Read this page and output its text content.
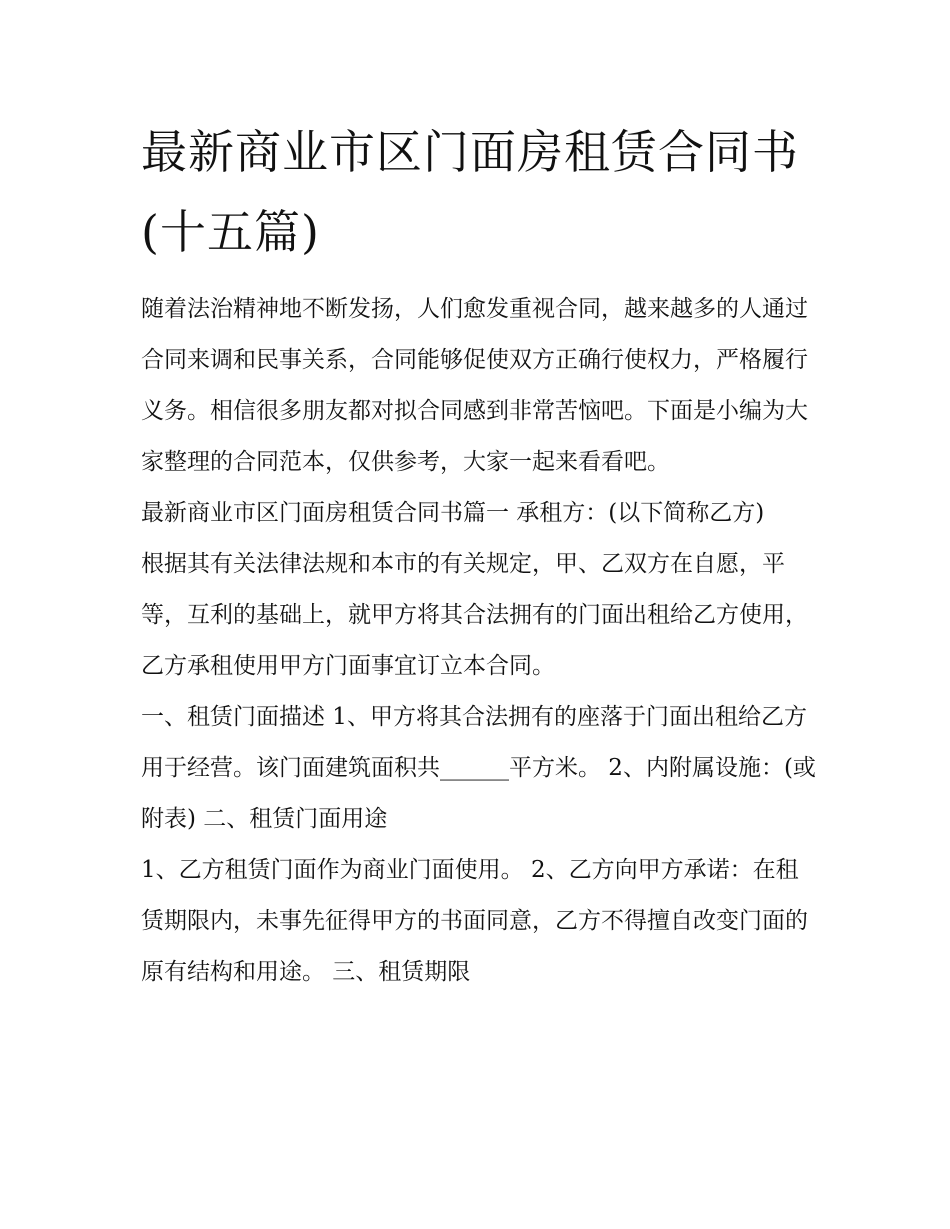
最新商业市区门面房租赁合同书(十五篇)

随着法治精神地不断发扬，人们愈发重视合同，越来越多的人通过合同来调和民事关系，合同能够促使双方正确行使权力，严格履行义务。相信很多朋友都对拟合同感到非常苦恼吧。下面是小编为大家整理的合同范本，仅供参考，大家一起来看看吧。

最新商业市区门面房租赁合同书篇一 承租方：(以下简称乙方)

根据其有关法律法规和本市的有关规定，甲、乙双方在自愿，平等，互利的基础上，就甲方将其合法拥有的门面出租给乙方使用，乙方承租使用甲方门面事宜订立本合同。

一、租赁门面描述 1、甲方将其合法拥有的座落于门面出租给乙方用于经营。该门面建筑面积共______平方米。 2、内附属设施：(或附表) 二、租赁门面用途

1、乙方租赁门面作为商业门面使用。 2、乙方向甲方承诺：在租赁期限内，未事先征得甲方的书面同意，乙方不得擅自改变门面的原有结构和用途。 三、租赁期限
